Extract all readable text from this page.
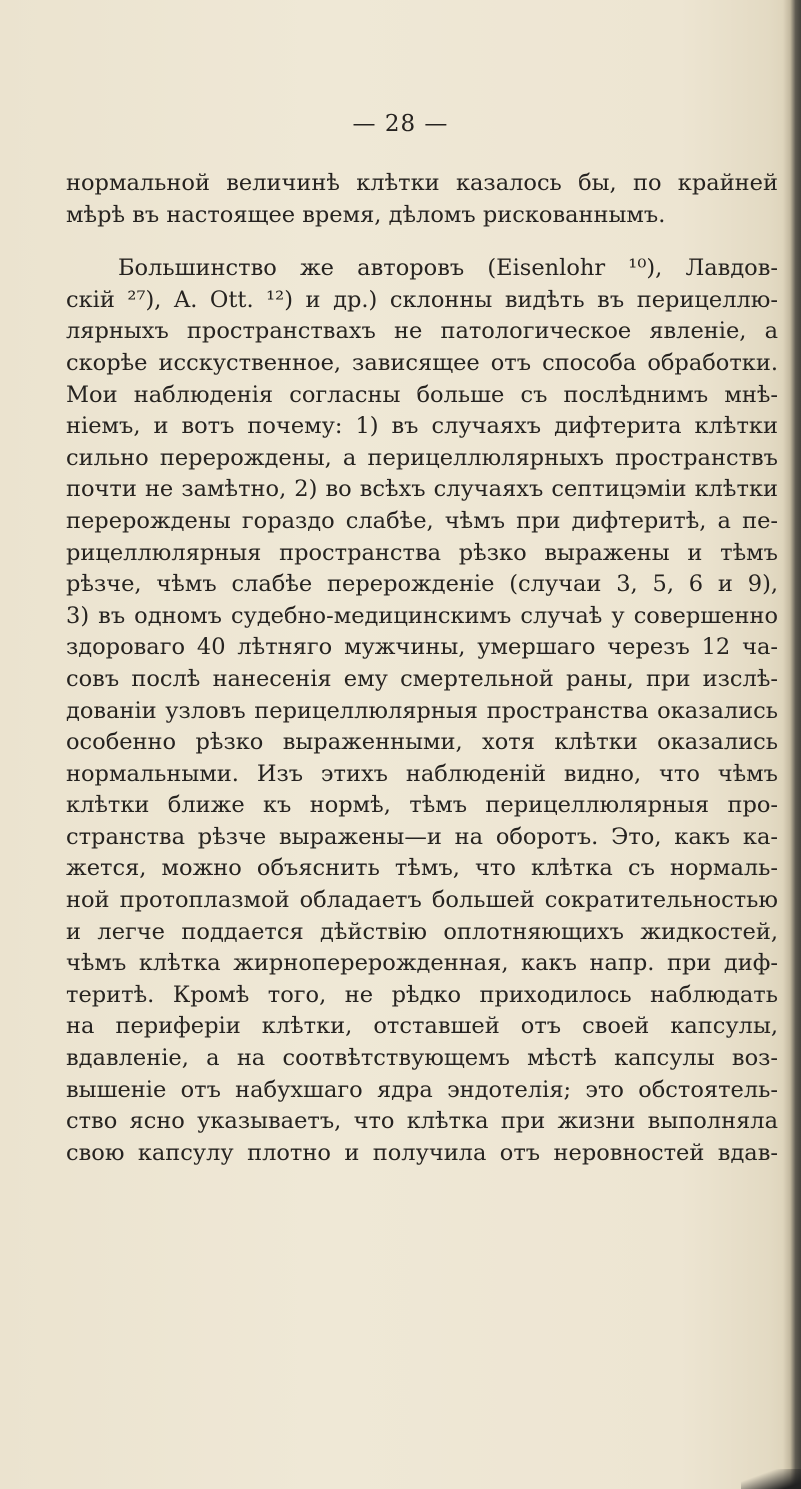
— 28 —
нормальной величинѣ клѣтки казалось бы, по крайней
мѣрѣ въ настоящее время, дѣломъ рискованнымъ.
Большинство же авторовъ (Eisenlohr ¹⁰), Лавдов-
скій ²⁷), A. Ott. ¹²) и др.) склонны видѣть въ перицеллю-
лярныхъ пространствахъ не патологическое явленіе, а
скорѣе исскуственное, зависящее отъ способа обработки.
Мои наблюденія согласны больше съ послѣднимъ мнѣ-
ніемъ, и вотъ почему: 1) въ случаяхъ дифтерита клѣтки
сильно перерождены, а перицеллюлярныхъ пространствъ
почти не замѣтно, 2) во всѣхъ случаяхъ септицэміи клѣтки
перерождены гораздо слабѣе, чѣмъ при дифтеритѣ, а пе-
рицеллюлярныя пространства рѣзко выражены и тѣмъ
рѣзче, чѣмъ слабѣе перерожденіе (случаи 3, 5, 6 и 9),
3) въ одномъ судебно-медицинскимъ случаѣ у совершенно
здороваго 40 лѣтняго мужчины, умершаго черезъ 12 ча-
совъ послѣ нанесенія ему смертельной раны, при изслѣ-
дованіи узловъ перицеллюлярныя пространства оказались
особенно рѣзко выраженными, хотя клѣтки оказались
нормальными. Изъ этихъ наблюденій видно, что чѣмъ
клѣтки ближе къ нормѣ, тѣмъ перицеллюлярныя про-
странства рѣзче выражены—и на оборотъ. Это, какъ ка-
жется, можно объяснить тѣмъ, что клѣтка съ нормаль-
ной протоплазмой обладаетъ большей сократительностью
и легче поддается дѣйствію оплотняющихъ жидкостей,
чѣмъ клѣтка жирноперерожденная, какъ напр. при диф-
теритѣ. Кромѣ того, не рѣдко приходилось наблюдать
на периферіи клѣтки, отставшей отъ своей капсулы,
вдавленіе, а на соотвѣтствующемъ мѣстѣ капсулы воз-
вышеніе отъ набухшаго ядра эндотелія; это обстоятель-
ство ясно указываетъ, что клѣтка при жизни выполняла
свою капсулу плотно и получила отъ неровностей вдав-
